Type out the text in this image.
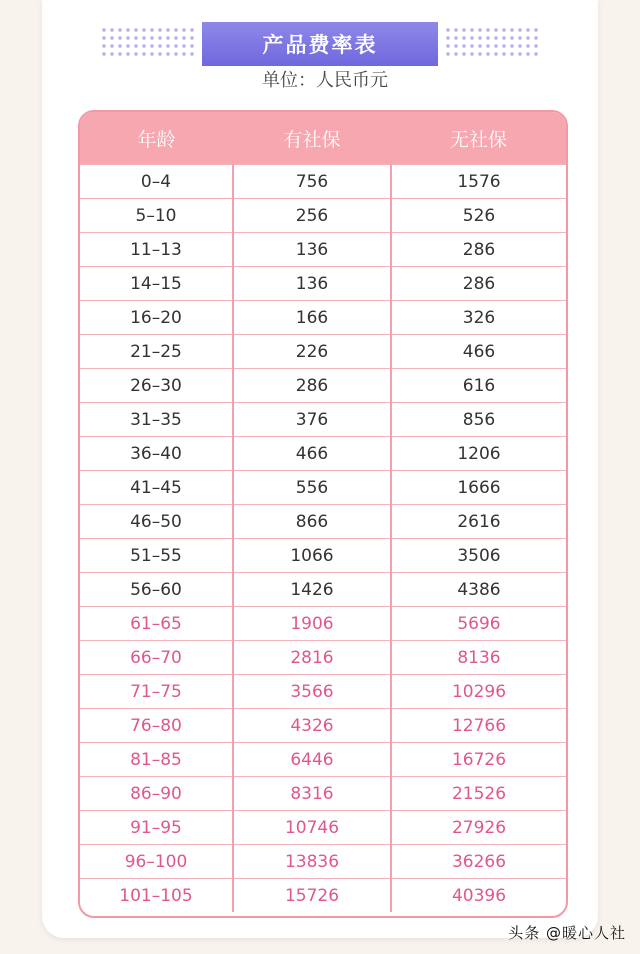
产品费率表
单位：人民币元
年龄	有社保	无社保
0–4	756	1576
5–10	256	526
11–13	136	286
14–15	136	286
16–20	166	326
21–25	226	466
26–30	286	616
31–35	376	856
36–40	466	1206
41–45	556	1666
46–50	866	2616
51–55	1066	3506
56–60	1426	4386
61–65	1906	5696
66–70	2816	8136
71–75	3566	10296
76–80	4326	12766
81–85	6446	16726
86–90	8316	21526
91–95	10746	27926
96–100	13836	36266
101–105	15726	40396
头条 @暖心人社
